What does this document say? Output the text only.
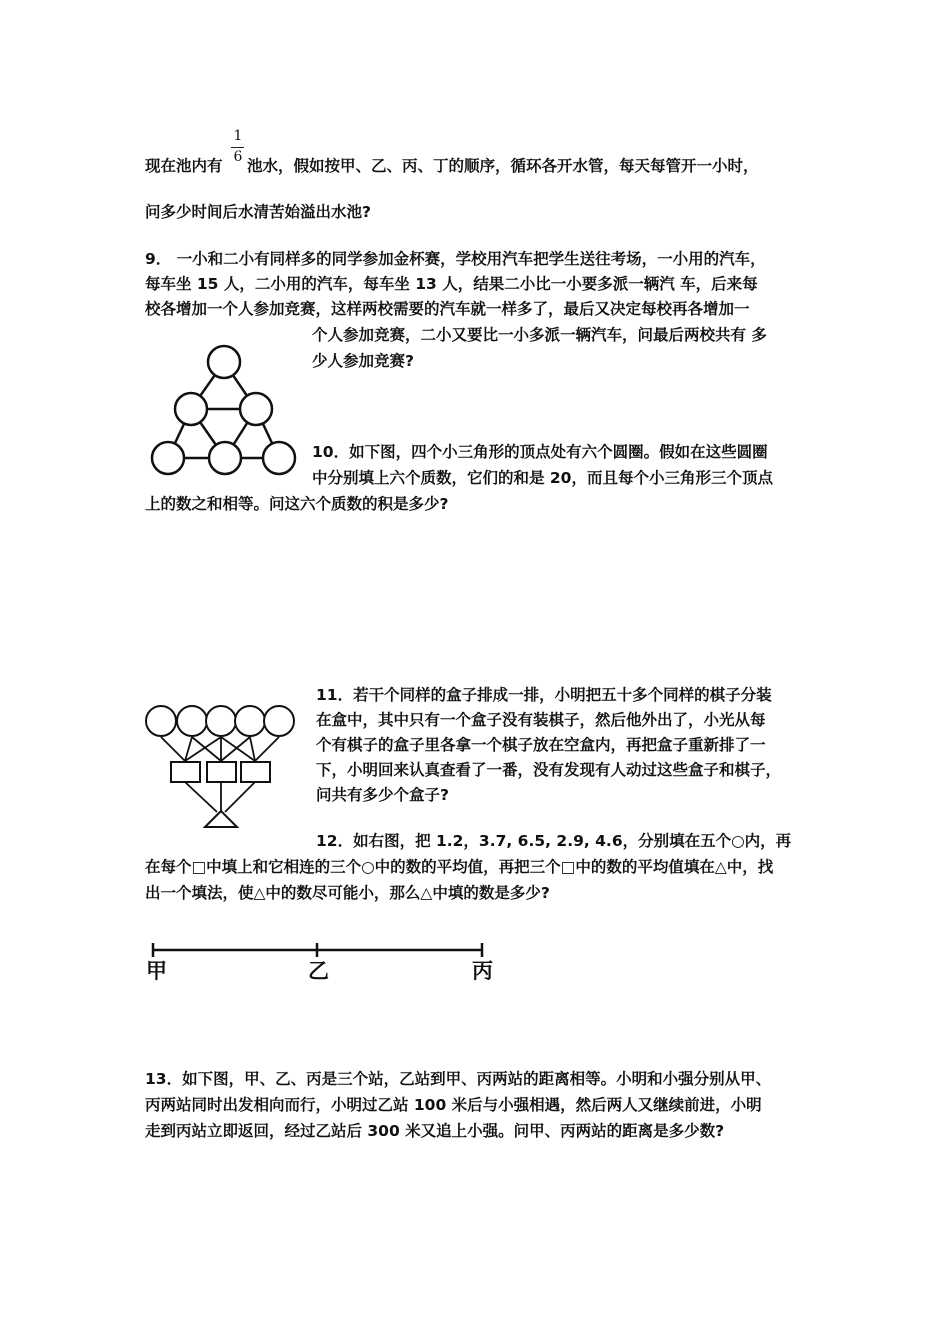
1
6
现在池内有 池水，假如按甲、乙、丙、丁的顺序，循环各开水管，每天每管开一小时，
问多少时间后水清苦始溢出水池?
9． 一小和二小有同样多的同学参加金杯赛，学校用汽车把学生送往考场，一小用的汽车，
每车坐 15 人，二小用的汽车，每车坐 13 人，结果二小比一小要多派一辆汽 车，后来每
校各增加一个人参加竞赛，这样两校需要的汽车就一样多了，最后又决定每校再各增加一
个人参加竞赛，二小又要比一小多派一辆汽车，问最后两校共有 多
少人参加竞赛?
10．如下图，四个小三角形的顶点处有六个圆圈。假如在这些圆圈
中分别填上六个质数，它们的和是 20，而且每个小三角形三个顶点
上的数之和相等。问这六个质数的积是多少?
11．若干个同样的盒子排成一排，小明把五十多个同样的棋子分装
在盒中，其中只有一个盒子没有装棋子，然后他外出了，小光从每
个有棋子的盒子里各拿一个棋子放在空盒内，再把盒子重新排了一
下，小明回来认真查看了一番，没有发现有人动过这些盒子和棋子，
问共有多少个盒子?
12．如右图，把 1.2，3.7, 6.5, 2.9, 4.6，分别填在五个○内，再
在每个□中填上和它相连的三个○中的数的平均值，再把三个□中的数的平均值填在△中，找
出一个填法，使△中的数尽可能小，那么△中填的数是多少?
甲	乙	丙
13．如下图，甲、乙、丙是三个站，乙站到甲、丙两站的距离相等。小明和小强分别从甲、
丙两站同时出发相向而行，小明过乙站 100 米后与小强相遇，然后两人又继续前进，小明
走到丙站立即返回，经过乙站后 300 米又追上小强。问甲、丙两站的距离是多少数?
